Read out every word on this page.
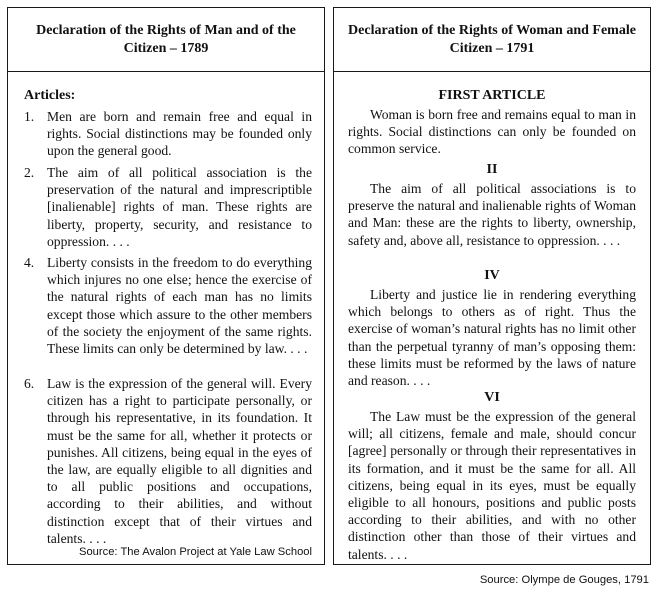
Declaration of the Rights of Man and of the Citizen – 1789
Articles:
1. Men are born and remain free and equal in rights. Social distinctions may be founded only upon the general good.
2. The aim of all political association is the preservation of the natural and imprescriptible [inalienable] rights of man. These rights are liberty, property, security, and resistance to oppression. . . .
4. Liberty consists in the freedom to do everything which injures no one else; hence the exercise of the natural rights of each man has no limits except those which assure to the other members of the society the enjoyment of the same rights. These limits can only be determined by law. . . .
6. Law is the expression of the general will. Every citizen has a right to participate personally, or through his representative, in its foundation. It must be the same for all, whether it protects or punishes. All citizens, being equal in the eyes of the law, are equally eligible to all dignities and to all public positions and occupations, according to their abilities, and without distinction except that of their virtues and talents. . . .
Source: The Avalon Project at Yale Law School
Declaration of the Rights of Woman and Female Citizen – 1791
FIRST ARTICLE
Woman is born free and remains equal to man in rights. Social distinctions can only be founded on common service.
II
The aim of all political associations is to preserve the natural and inalienable rights of Woman and Man: these are the rights to liberty, ownership, safety and, above all, resistance to oppression. . . .
IV
Liberty and justice lie in rendering everything which belongs to others as of right. Thus the exercise of woman’s natural rights has no limit other than the perpetual tyranny of man’s opposing them: these limits must be reformed by the laws of nature and reason. . . .
VI
The Law must be the expression of the general will; all citizens, female and male, should concur [agree] personally or through their representatives in its formation, and it must be the same for all. All citizens, being equal in its eyes, must be equally eligible to all honours, positions and public posts according to their abilities, and with no other distinction other than those of their virtues and talents. . . .
Source: Olympe de Gouges, 1791
